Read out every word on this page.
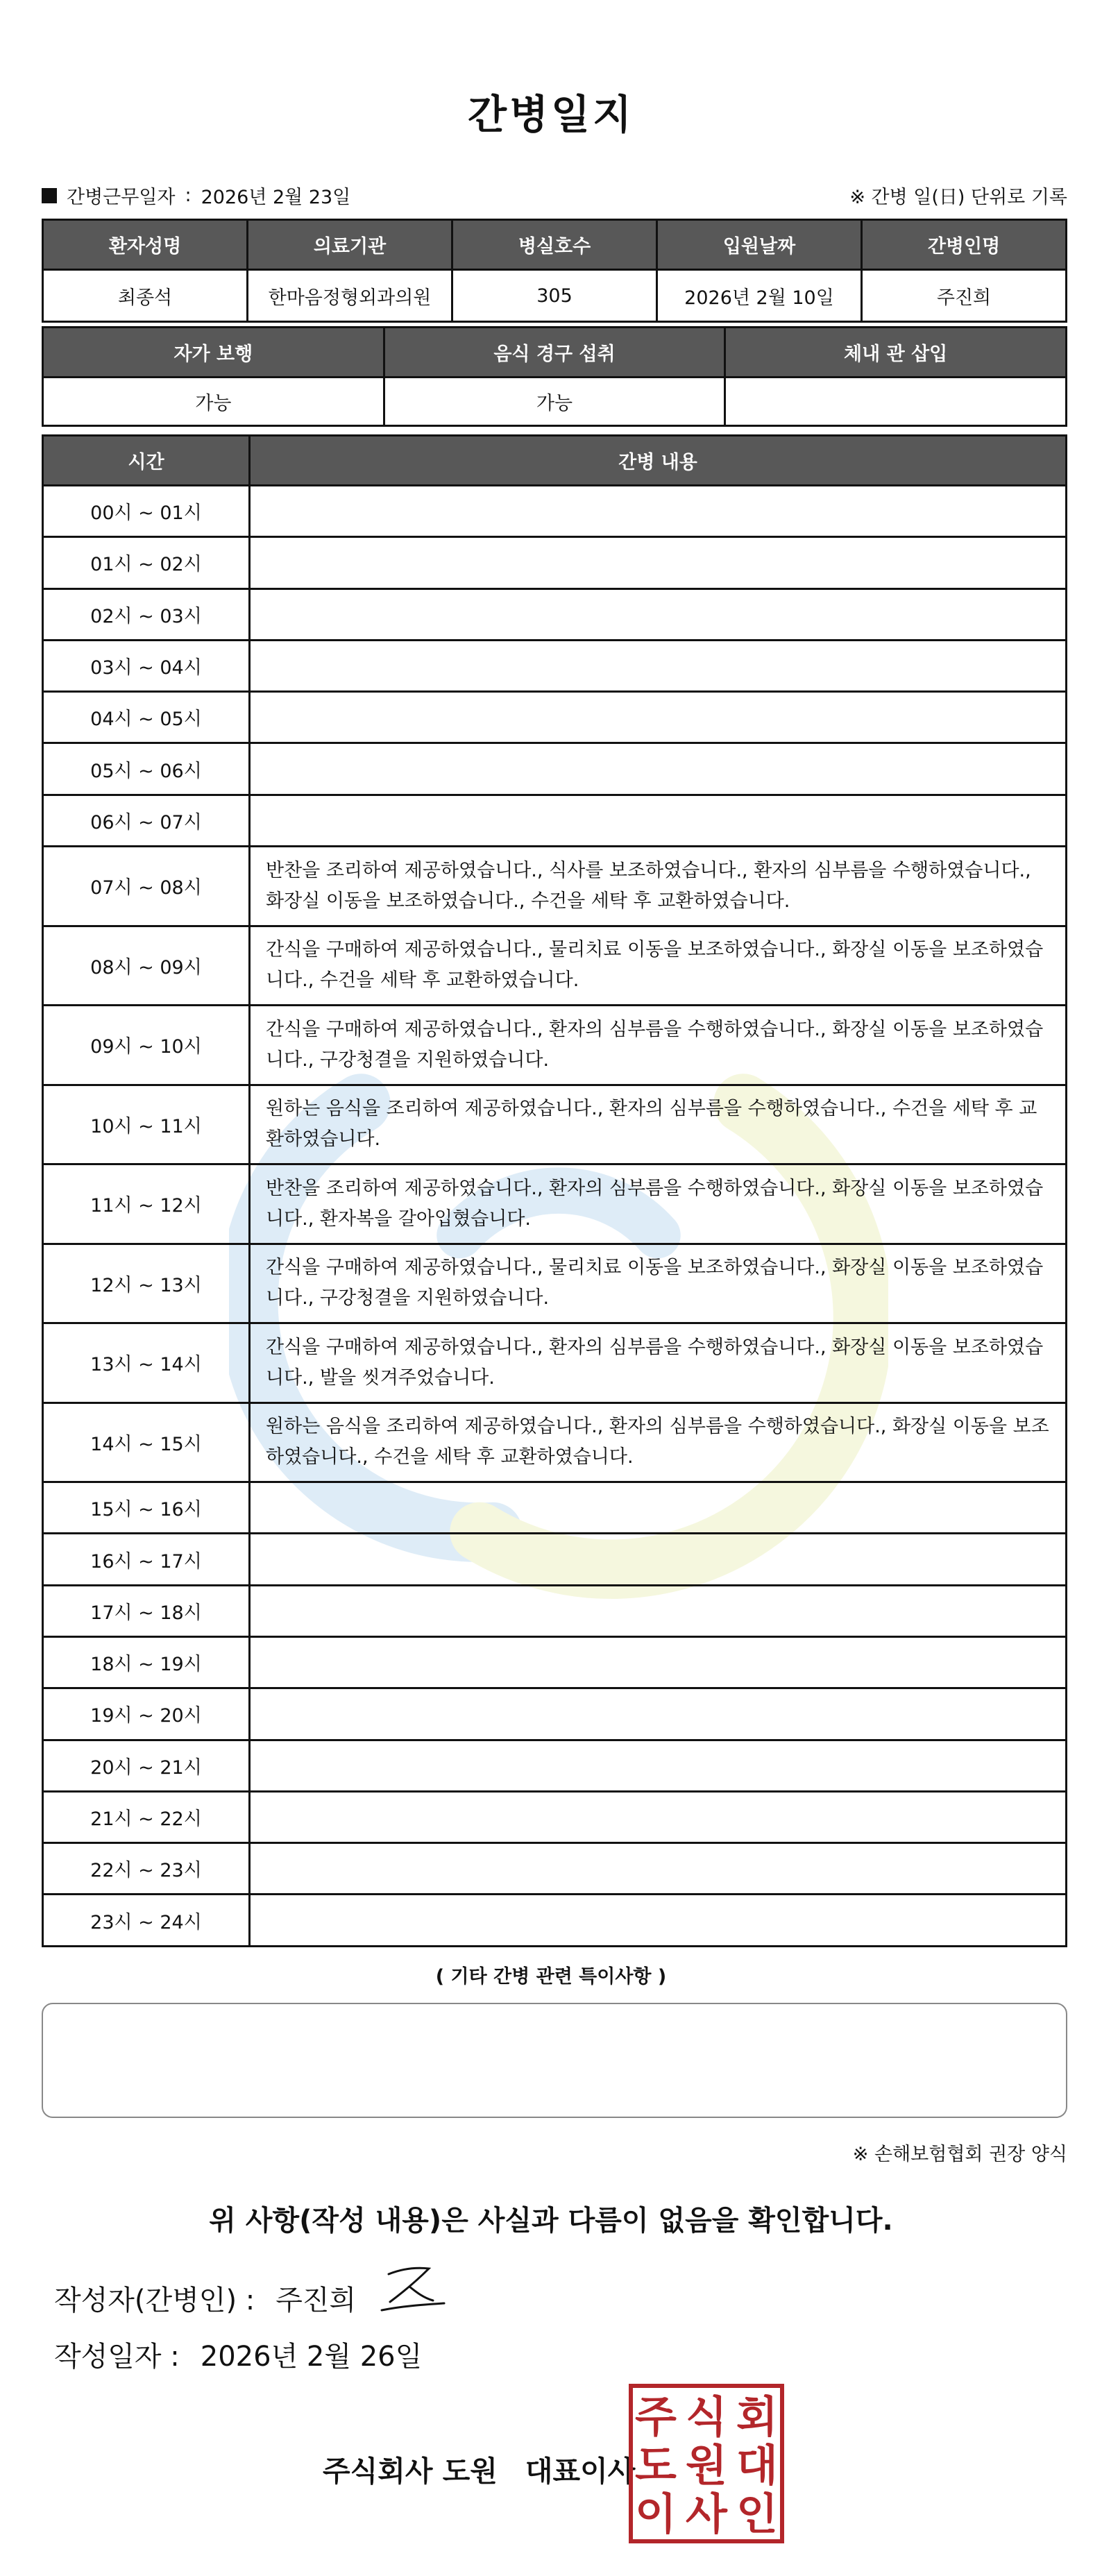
간병일지
간병근무일자 : 2026년 2월 23일	※ 간병 일(日) 단위로 기록
환자성명	의료기관	병실호수	입원날짜	간병인명
최종석	한마음정형외과의원	305	2026년 2월 10일	주진희
자가 보행	음식 경구 섭취	체내 관 삽입
가능	가능	
시간	간병 내용
00시 ~ 01시	
01시 ~ 02시	
02시 ~ 03시	
03시 ~ 04시	
04시 ~ 05시	
05시 ~ 06시	
06시 ~ 07시	
07시 ~ 08시	반찬을 조리하여 제공하였습니다., 식사를 보조하였습니다., 환자의 심부름을 수행하였습니다., 화장실 이동을 보조하였습니다., 수건을 세탁 후 교환하였습니다.
08시 ~ 09시	간식을 구매하여 제공하였습니다., 물리치료 이동을 보조하였습니다., 화장실 이동을 보조하였습니다., 수건을 세탁 후 교환하였습니다.
09시 ~ 10시	간식을 구매하여 제공하였습니다., 환자의 심부름을 수행하였습니다., 화장실 이동을 보조하였습니다., 구강청결을 지원하였습니다.
10시 ~ 11시	원하는 음식을 조리하여 제공하였습니다., 환자의 심부름을 수행하였습니다., 수건을 세탁 후 교환하였습니다.
11시 ~ 12시	반찬을 조리하여 제공하였습니다., 환자의 심부름을 수행하였습니다., 화장실 이동을 보조하였습니다., 환자복을 갈아입혔습니다.
12시 ~ 13시	간식을 구매하여 제공하였습니다., 물리치료 이동을 보조하였습니다., 화장실 이동을 보조하였습니다., 구강청결을 지원하였습니다.
13시 ~ 14시	간식을 구매하여 제공하였습니다., 환자의 심부름을 수행하였습니다., 화장실 이동을 보조하였습니다., 발을 씻겨주었습니다.
14시 ~ 15시	원하는 음식을 조리하여 제공하였습니다., 환자의 심부름을 수행하였습니다., 화장실 이동을 보조하였습니다., 수건을 세탁 후 교환하였습니다.
15시 ~ 16시	
16시 ~ 17시	
17시 ~ 18시	
18시 ~ 19시	
19시 ~ 20시	
20시 ~ 21시	
21시 ~ 22시	
22시 ~ 23시	
23시 ~ 24시	
( 기타 간병 관련 특이사항 )
※ 손해보험협회 권장 양식
위 사항(작성 내용)은 사실과 다름이 없음을 확인합니다.
작성자(간병인) : 주진희
작성일자 : 2026년 2월 26일
주식회사 도원 대표이사
주 식 회
도 원 대
이 사 인
